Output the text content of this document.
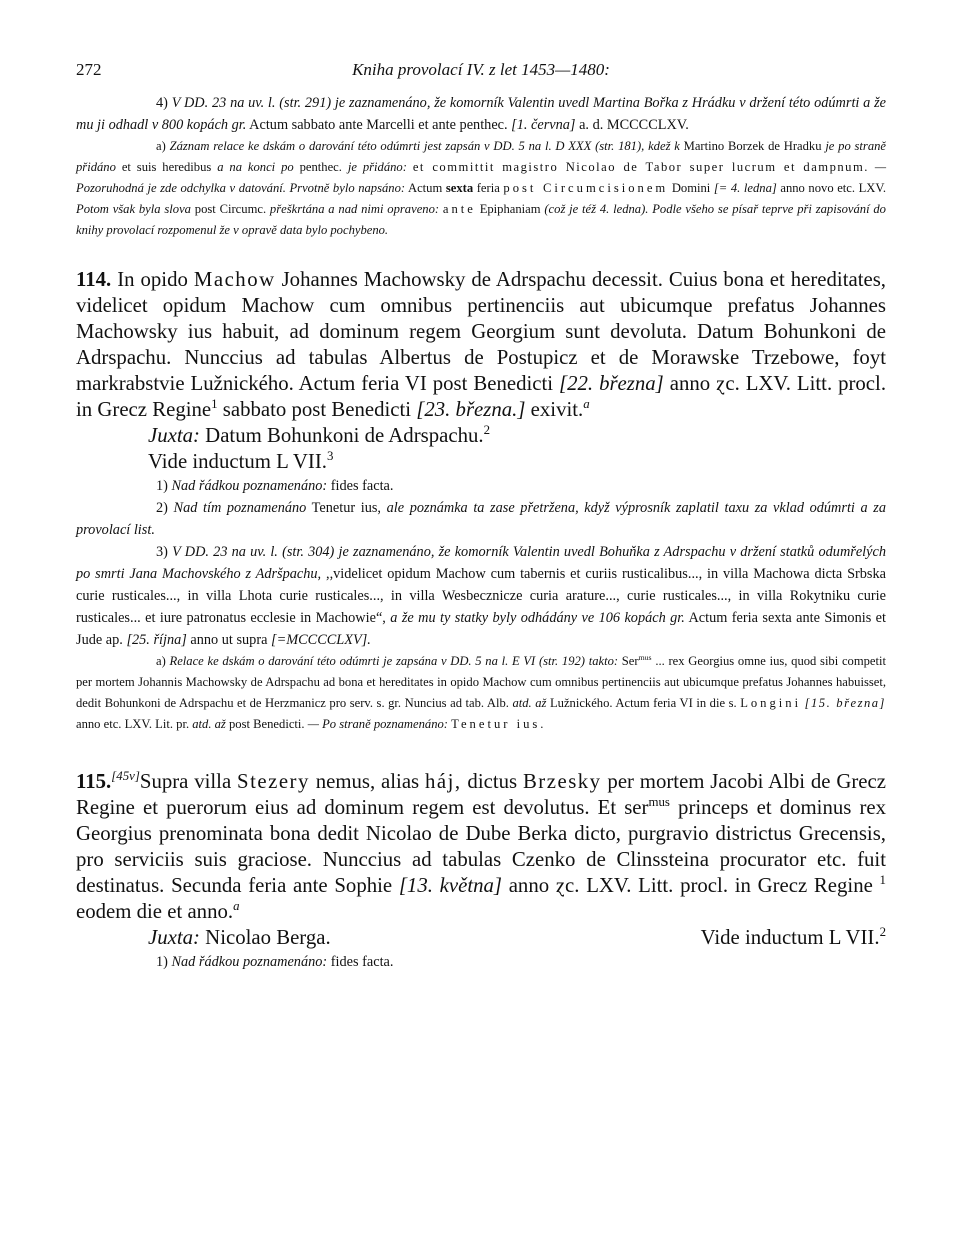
272	Kniha provolací IV. z let 1453—1480:

4) V DD. 23 na uv. l. (str. 291) je zaznamenáno, že komorník Valentin uvedl Martina Bořka z Hrádku v držení této odúmrti a že mu ji odhadl v 800 kopách gr. Actum sabbato ante Marcelli et ante penthec. [1. června] a. d. MCCCCLXV.

a) Záznam relace ke dskám o darování této odúmrti jest zapsán v DD. 5 na l. D XXX (str. 181), kdež k Martino Borzek de Hradku je po straně přidáno et suis heredibus a na konci po penthec. je přidáno: et committit magistro Nicolao de Tabor super lucrum et dampnum. — Pozoruhodná je zde odchylka v datování. Prvotně bylo napsáno: Actum sexta feria post Circumcisionem Domini [= 4. ledna] anno novo etc. LXV. Potom však byla slova post Circumc. přeškrtána a nad nimi opraveno: ante Epiphaniam (což je též 4. ledna). Podle všeho se písař teprve při zapisování do knihy provolací rozpomenul že v opravě data bylo pochybeno.

114. In opido Machow Johannes Machowsky de Adrspachu decessit. Cuius bona et hereditates, videlicet opidum Machow cum omnibus pertinenciis aut ubicumque prefatus Johannes Machowsky ius habuit, ad dominum regem Georgium sunt devoluta. Datum Bohunkoni de Adrspachu. Nunccius ad tabulas Albertus de Postupicz et de Morawske Trzebowe, foyt markrabstvie Lužnického. Actum feria VI post Benedicti [22. března] anno ɀc. LXV. Litt. procl. in Grecz Regine$^1$ sabbato post Benedicti [23. března.] exivit.$^a$

Juxta: Datum Bohunkoni de Adrspachu.$^2$

Vide inductum L VII.$^3$

1) Nad řádkou poznamenáno: fides facta.

2) Nad tím poznamenáno Tenetur ius, ale poznámka ta zase přetržena, když výprosník zaplatil taxu za vklad odúmrti a za provolací list.

3) V DD. 23 na uv. l. (str. 304) je zaznamenáno, že komorník Valentin uvedl Bohuňka z Adrspachu v držení statků odumřelých po smrti Jana Machovského z Adršpachu, ,,videlicet opidum Machow cum tabernis et curiis rusticalibus..., in villa Machowa dicta Srbska curie rusticales..., in villa Lhota curie rusticales..., in villa Wesbecznicze curia arature..., curie rusticales..., in villa Rokytniku curie rusticales... et iure patronatus ecclesie in Machowie“, a že mu ty statky byly odhádány ve 106 kopách gr. Actum feria sexta ante Simonis et Jude ap. [25. října] anno ut supra [=MCCCCLXV].

a) Relace ke dskám o darování této odúmrti je zapsána v DD. 5 na l. E VI (str. 192) takto: Ser$^{mus}$ ... rex Georgius omne ius, quod sibi competit per mortem Johannis Machowsky de Adrspachu ad bona et hereditates in opido Machow cum omnibus pertinenciis aut ubicumque prefatus Johannes habuisset, dedit Bohunkoni de Adrspachu et de Herzmanicz pro serv. s. gr. Nuncius ad tab. Alb. atd. až Lužnického. Actum feria VI in die s. Longini [15. března] anno etc. LXV. Lit. pr. atd. až post Benedicti. — Po straně poznamenáno: Tenetur ius.

115.[45v]Supra villa Stezery nemus, alias háj, dictus Brzesky per mortem Jacobi Albi de Grecz Regine et puerorum eius ad dominum regem est devolutus. Et ser$^{mus}$ princeps et dominus rex Georgius prenominata bona dedit Nicolao de Dube Berka dicto, purgravio districtus Grecensis, pro serviciis suis graciose. Nunccius ad tabulas Czenko de Clinssteina procurator etc. fuit destinatus. Secunda feria ante Sophie [13. května] anno ɀc. LXV. Litt. procl. in Grecz Regine $^1$ eodem die et anno.$^a$

Juxta: Nicolao Berga.	Vide inductum L VII.$^2$

1) Nad řádkou poznamenáno: fides facta.
